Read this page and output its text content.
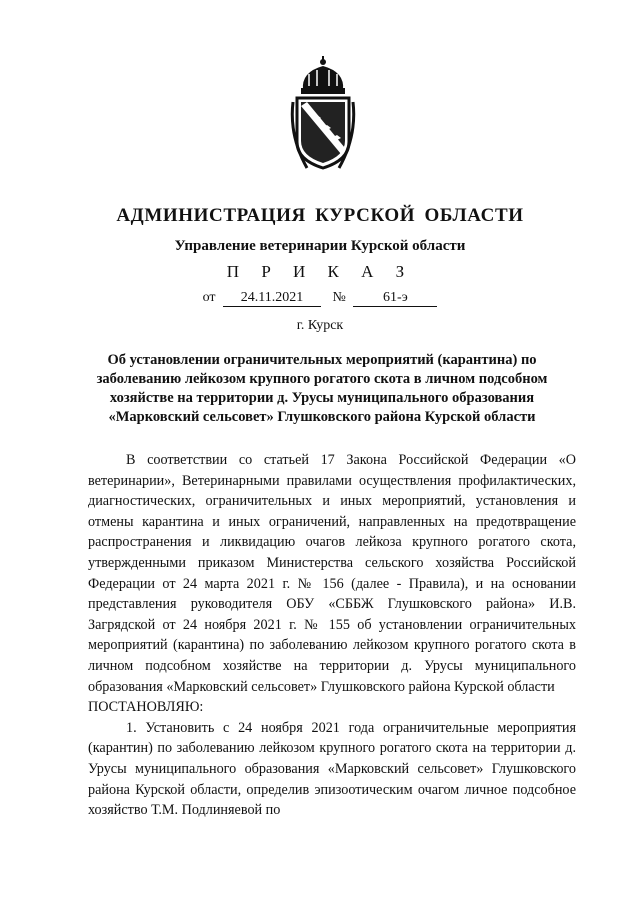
АДМИНИСТРАЦИЯ КУРСКОЙ ОБЛАСТИ
Управление ветеринарии Курской области
П Р И К А З
от 24.11.2021 №	61-э
г. Курск
Об установлении ограничительных мероприятий (карантина) по заболеванию лейкозом крупного рогатого скота в личном подсобном хозяйстве на территории д. Урусы муниципального образования «Марковский сельсовет» Глушковского района Курской области

В соответствии со статьей 17 Закона Российской Федерации «О ветеринарии», Ветеринарными правилами осуществления профилактических, диагностических, ограничительных и иных мероприятий, установления и отмены карантина и иных ограничений, направленных на предотвращение распространения и ликвидацию очагов лейкоза крупного рогатого скота, утвержденными приказом Министерства сельского хозяйства Российской Федерации от 24 марта 2021 г. № 156 (далее - Правила), и на основании представления руководителя ОБУ «СББЖ Глушковского района» И.В. Загрядской от 24 ноября 2021 г. № 155 об установлении ограничительных мероприятий (карантина) по заболеванию лейкозом крупного рогатого скота в личном подсобном хозяйстве на территории д. Урусы муниципального образования «Марковский сельсовет» Глушковского района Курской области

ПОСТАНОВЛЯЮ:

1. Установить с 24 ноября 2021 года ограничительные мероприятия (карантин) по заболеванию лейкозом крупного рогатого скота на территории д. Урусы муниципального образования «Марковский сельсовет» Глушковского района Курской области, определив эпизоотическим очагом личное подсобное хозяйство Т.М. Подлиняевой по
